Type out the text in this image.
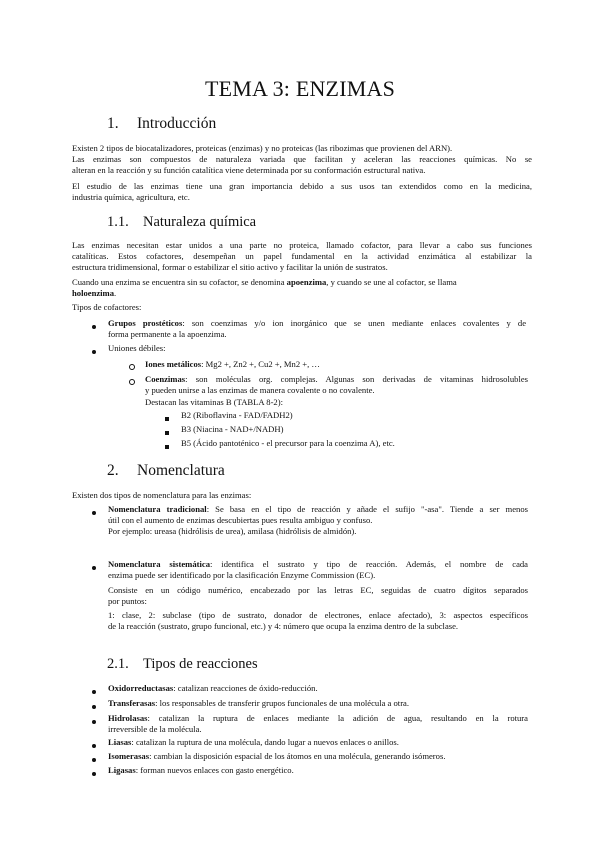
TEMA 3: ENZIMAS
1. Introducción

Existen 2 tipos de biocatalizadores, proteicas (enzimas) y no proteicas (las ribozimas que provienen del ARN).

Las enzimas son compuestos de naturaleza variada que facilitan y aceleran las reacciones químicas. No se

alteran en la reacción y su función catalítica viene determinada por su conformación estructural nativa.

El estudio de las enzimas tiene una gran importancia debido a sus usos tan extendidos como en la medicina,

industria química, agricultura, etc.

1.1. Naturaleza química

Las enzimas necesitan estar unidos a una parte no proteica, llamado cofactor, para llevar a cabo sus funciones

catalíticas. Estos cofactores, desempeñan un papel fundamental en la actividad enzimática al estabilizar la

estructura tridimensional, formar o estabilizar el sitio activo y facilitar la unión de sustratos.

Cuando una enzima se encuentra sin su cofactor, se denomina apoenzima, y cuando se une al cofactor, se llama

holoenzima.

Tipos de cofactores:

Grupos prostéticos: son coenzimas y/o ion inorgánico que se unen mediante enlaces covalentes y de

forma permanente a la apoenzima.

Uniones débiles:

Iones metálicos: Mg2 +, Zn2 +, Cu2 +, Mn2 +, …

Coenzimas: son moléculas org. complejas. Algunas son derivadas de vitaminas hidrosolubles

y pueden unirse a las enzimas de manera covalente o no covalente.

Destacan las vitaminas B (TABLA 8-2):

B2 (Riboflavina - FAD/FADH2)

B3 (Niacina - NAD+/NADH)

B5 (Ácido pantoténico - el precursor para la coenzima A), etc.

2. Nomenclatura

Existen dos tipos de nomenclatura para las enzimas:

Nomenclatura tradicional: Se basa en el tipo de reacción y añade el sufijo "-asa". Tiende a ser menos

útil con el aumento de enzimas descubiertas pues resulta ambiguo y confuso.

Por ejemplo: ureasa (hidrólisis de urea), amilasa (hidrólisis de almidón).

Nomenclatura sistemática: identifica el sustrato y tipo de reacción. Además, el nombre de cada

enzima puede ser identificado por la clasificación Enzyme Commission (EC).

Consiste en un código numérico, encabezado por las letras EC, seguidas de cuatro dígitos separados

por puntos:

1: clase, 2: subclase (tipo de sustrato, donador de electrones, enlace afectado), 3: aspectos específicos

de la reacción (sustrato, grupo funcional, etc.) y 4: número que ocupa la enzima dentro de la subclase.

2.1. Tipos de reacciones

Oxidorreductasas: catalizan reacciones de óxido-reducción.

Transferasas: los responsables de transferir grupos funcionales de una molécula a otra.

Hidrolasas: catalizan la ruptura de enlaces mediante la adición de agua, resultando en la rotura

irreversible de la molécula.

Liasas: catalizan la ruptura de una molécula, dando lugar a nuevos enlaces o anillos.

Isomerasas: cambian la disposición espacial de los átomos en una molécula, generando isómeros.

Ligasas: forman nuevos enlaces con gasto energético.
